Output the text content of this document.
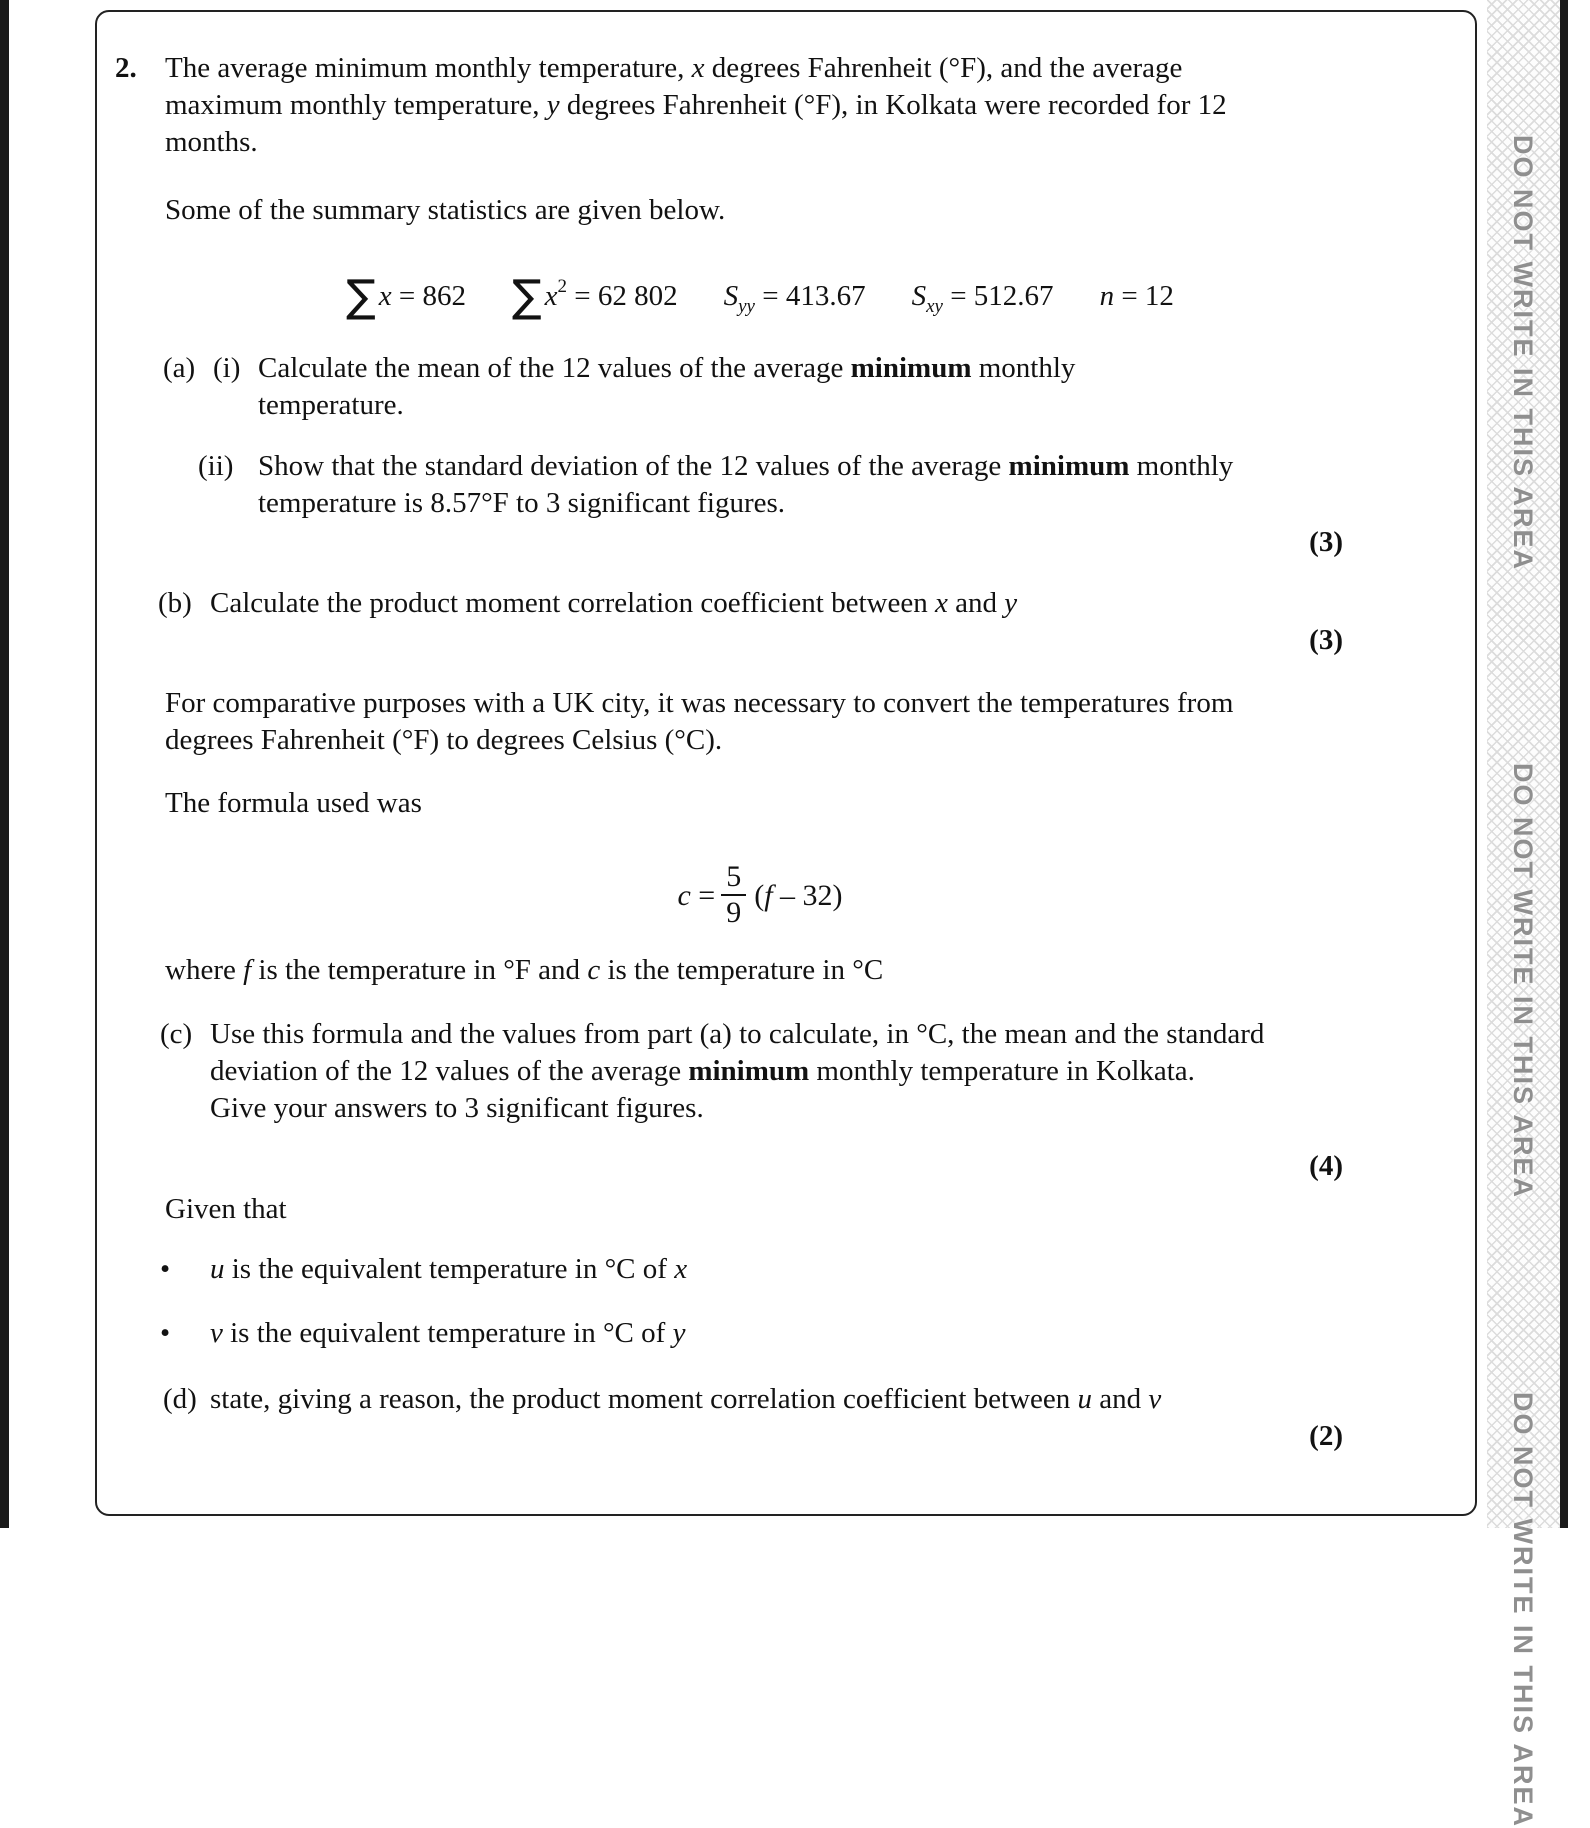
2. The average minimum monthly temperature, x degrees Fahrenheit (°F), and the average maximum monthly temperature, y degrees Fahrenheit (°F), in Kolkata were recorded for 12 months.
Some of the summary statistics are given below.
∑ x = 862 ∑ $x^2 = 62$ 802 $S_{yy} = 413.67$ $S_{xy} = 512.67$ n = 12
(a) (i) Calculate the mean of the 12 values of the average minimum monthly temperature.
(ii) Show that the standard deviation of the 12 values of the average minimum monthly temperature is 8.57°F to 3 significant figures.
(3)
(b) Calculate the product moment correlation coefficient between x and y
(3)
For comparative purposes with a UK city, it was necessary to convert the temperatures from degrees Fahrenheit (°F) to degrees Celsius (°C).
The formula used was
$c = \frac{5}{9} (f - 32)$
where f is the temperature in °F and c is the temperature in °C
(c) Use this formula and the values from part (a) to calculate, in °C, the mean and the standard deviation of the 12 values of the average minimum monthly temperature in Kolkata.
Give your answers to 3 significant figures.
(4)
Given that
•	u is the equivalent temperature in °C of x
•	v is the equivalent temperature in °C of y
(d) state, giving a reason, the product moment correlation coefficient between u and v
(2)
DO NOT WRITE IN THIS AREA
DO NOT WRITE IN THIS AREA
DO NOT WRITE IN THIS AREA
